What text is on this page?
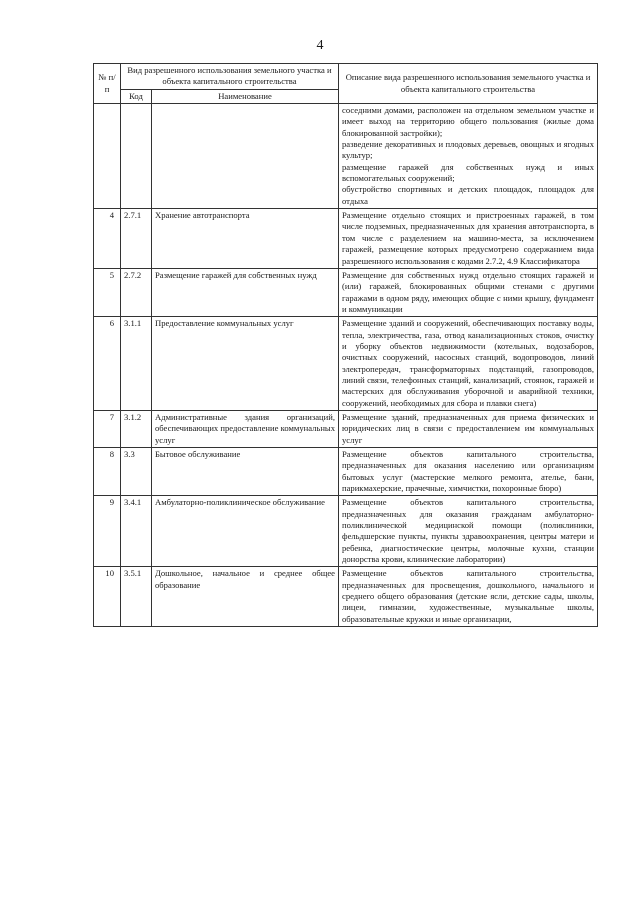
4
№ п/п	Вид разрешенного использования земельного участка и объекта капитального строительства		Описание вида разрешенного использования земельного участка и объекта капитального строительства
	Код	Наименование	

			соседними домами, расположен на отдельном земельном участке и имеет выход на территорию общего пользования (жилые дома блокированной застройки);
разведение декоративных и плодовых деревьев, овощных и ягодных культур;
размещение гаражей для собственных нужд и иных вспомогательных сооружений;
обустройство спортивных и детских площадок, площадок для отдыха

4	2.7.1	Хранение автотранспорта	Размещение отдельно стоящих и пристроенных гаражей, в том числе подземных, предназначенных для хранения автотранспорта, в том числе с разделением на машино-места, за исключением гаражей, размещение которых предусмотрено содержанием вида разрешенного использования с кодами 2.7.2, 4.9 Классификатора

5	2.7.2	Размещение гаражей для собственных нужд	Размещение для собственных нужд отдельно стоящих гаражей и (или) гаражей, блокированных общими стенами с другими гаражами в одном ряду, имеющих общие с ними крышу, фундамент и коммуникации

6	3.1.1	Предоставление коммунальных услуг	Размещение зданий и сооружений, обеспечивающих поставку воды, тепла, электричества, газа, отвод канализационных стоков, очистку и уборку объектов недвижимости (котельных, водозаборов, очистных сооружений, насосных станций, водопроводов, линий электропередач, трансформаторных подстанций, газопроводов, линий связи, телефонных станций, канализаций, стоянок, гаражей и мастерских для обслуживания уборочной и аварийной техники, сооружений, необходимых для сбора и плавки снега)

7	3.1.2	Административные здания организаций, обеспечивающих предоставление коммунальных услуг	Размещение зданий, предназначенных для приема физических и юридических лиц в связи с предоставлением им коммунальных услуг

8	3.3	Бытовое обслуживание	Размещение объектов капитального строительства, предназначенных для оказания населению или организациям бытовых услуг (мастерские мелкого ремонта, ателье, бани, парикмахерские, прачечные, химчистки, похоронные бюро)

9	3.4.1	Амбулаторно-поликлиническое обслуживание	Размещение объектов капитального строительства, предназначенных для оказания гражданам амбулаторно-поликлинической медицинской помощи (поликлиники, фельдшерские пункты, пункты здравоохранения, центры матери и ребенка, диагностические центры, молочные кухни, станции донорства крови, клинические лаборатории)

10	3.5.1	Дошкольное, начальное и среднее общее образование	Размещение объектов капитального строительства, предназначенных для просвещения, дошкольного, начального и среднего общего образования (детские ясли, детские сады, школы, лицеи, гимназии, художественные, музыкальные школы, образовательные кружки и иные организации,
